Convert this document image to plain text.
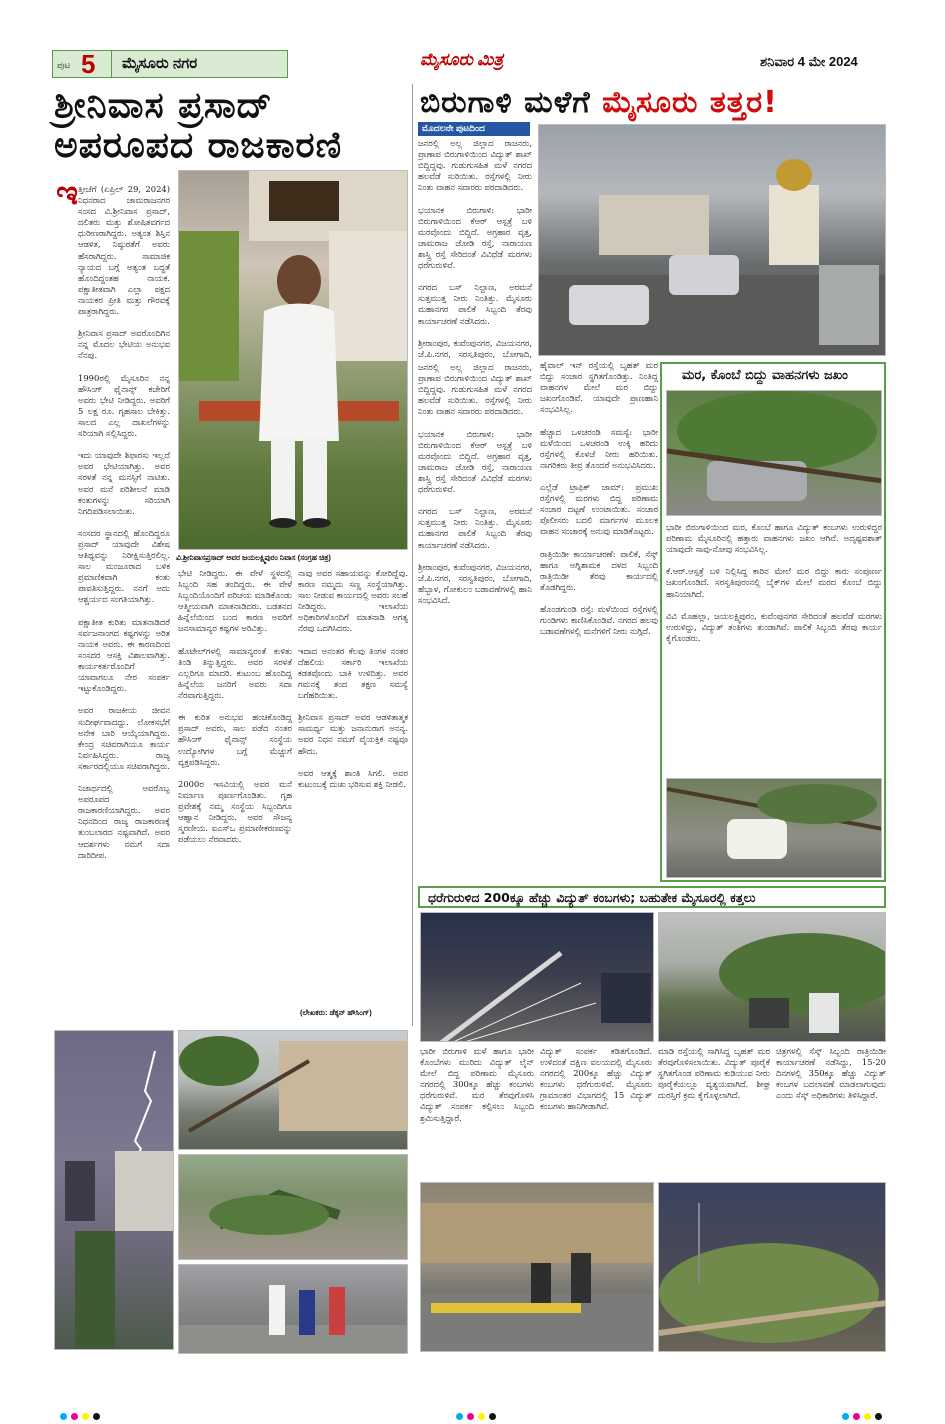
ಪುಟ 5 ಮೈಸೂರು ನಗರ	ಮೈಸೂರು ಮಿತ್ರ	ಶನಿವಾರ 4 ಮೇ 2024
ಶ್ರೀನಿವಾಸ ಪ್ರಸಾದ್
ಅಪರೂಪದ ರಾಜಕಾರಣಿ
ಇ ತ್ತೀಚೆಗೆ (ಏಪ್ರಿಲ್ 29, 2024) ನಿಧನರಾದ ಚಾಮರಾಜನಗರ ಸಂಸದ ವಿ.ಶ್ರೀನಿವಾಸ ಪ್ರಸಾದ್, ದಲಿತರು ಮತ್ತು ಶೋಷಿತವರ್ಗದ ಧುರೀಣರಾಗಿದ್ದರು. ಅತ್ಯಂತ ಶಿಸ್ತಿನ ಆಡಳಿತ, ನಿಷ್ಠುರತೆಗೆ ಅವರು ಹೆಸರಾಗಿದ್ದರು. ಸಾಮಾಜಿಕ ನ್ಯಾಯದ ಬಗ್ಗೆ ಅತ್ಯಂತ ಬದ್ಧತೆ ಹೊಂದಿದ್ದಂತಹ ನಾಯಕ. ಪಕ್ಷಾತೀತವಾಗಿ ಎಲ್ಲಾ ಪಕ್ಷದ ನಾಯಕರ ಪ್ರೀತಿ ಮತ್ತು ಗೌರವಕ್ಕೆ ಪಾತ್ರರಾಗಿದ್ದರು.

ಶ್ರೀನಿವಾಸ ಪ್ರಸಾದ್ ಅವರೊಂದಿಗಿನ ನನ್ನ ಮೊದಲ ಭೇಟಿಯ ಅನುಭವ ನೆನಪು.

1990ರಲ್ಲಿ ಮೈಸೂರಿನ ನನ್ನ ಹೌಸಿಂಗ್ ಫೈನಾನ್ಸ್ ಕಚೇರಿಗೆ ಅವರು ಭೇಟಿ ನೀಡಿದ್ದರು. ಅವರಿಗೆ 5 ಲಕ್ಷ ರೂ. ಗೃಹಸಾಲ ಬೇಕಿತ್ತು. ಸಾಲದ ಎಲ್ಲ ದಾಖಲೆಗಳನ್ನು ಸರಿಯಾಗಿ ಸಲ್ಲಿಸಿದ್ದರು.

ಇದು ಯಾವುದೇ ಶಿಫಾರಸು ಇಲ್ಲದೆ ಅವರ ಭೇಟಿಯಾಗಿತ್ತು. ಅವರ ಸರಳತೆ ನನ್ನ ಮನಸ್ಸಿಗೆ ನಾಟಿತು. ಅವರ ಮನೆ ಪರಿಶೀಲನೆ ಮಾಡಿ ಕಂತುಗಳನ್ನು ಸರಿಯಾಗಿ ನಿಗದಿಪಡಿಸಲಾಯಿತು.

ಸಂಸದರ ಸ್ಥಾನದಲ್ಲಿ ಹೊಂದಿದ್ದರೂ ಪ್ರಸಾದ್ ಯಾವುದೇ ವಿಶೇಷ ಆತಿಥ್ಯವನ್ನು ನಿರೀಕ್ಷಿಸುತ್ತಿರಲಿಲ್ಲ. ಸಾಲ ಮಂಜೂರಾದ ಬಳಿಕ ಪ್ರಮಾಣಿಕವಾಗಿ ಕಂತು ಪಾವತಿಸುತ್ತಿದ್ದರು. ನನಗೆ ಅದು ಆಶ್ಚರ್ಯದ ಸಂಗತಿಯಾಗಿತ್ತು.

ಪಕ್ಷಾತೀತ ಕುರಿತು ಮಾತನಾಡಿದರೆ ಸರ್ವಜನಾಂಗದ ಕಷ್ಟಗಳನ್ನು ಅರಿತ ನಾಯಕ ಅವರು. ಈ ಕಾರಣದಿಂದ ಸಂಸದರ ಆಸಕ್ತಿ ವಿಶಾಲವಾಗಿತ್ತು. ಕಾರ್ಯಕರ್ತರೊಂದಿಗೆ ಯಾವಾಗಲೂ ನೇರ ಸಂಪರ್ಕ ಇಟ್ಟುಕೊಂಡಿದ್ದರು.

ಅವರ ರಾಜಕೀಯ ಜೀವನ ಸುದೀರ್ಘವಾದದ್ದು. ಲೋಕಸಭೆಗೆ ಅನೇಕ ಬಾರಿ ಆಯ್ಕೆಯಾಗಿದ್ದರು. ಕೇಂದ್ರ ಸಚಿವರಾಗಿಯೂ ಕಾರ್ಯ ನಿರ್ವಹಿಸಿದ್ದರು. ರಾಜ್ಯ ಸರ್ಕಾರದಲ್ಲಿಯೂ ಸಚಿವರಾಗಿದ್ದರು.

ನಿಜಾರ್ಥದಲ್ಲಿ ಅವರೊಬ್ಬ ಅಪರೂಪದ ರಾಜಕಾರಣಿಯಾಗಿದ್ದರು. ಅವರ ನಿಧನದಿಂದ ರಾಜ್ಯ ರಾಜಕಾರಣಕ್ಕೆ ತುಂಬಲಾರದ ನಷ್ಟವಾಗಿದೆ. ಅವರ ಆದರ್ಶಗಳು ನಮಗೆ ಸದಾ ದಾರಿದೀಪ.
ವಿ.ಶ್ರೀನಿವಾಸಪ್ರಸಾದ್ ಅವರ ಜಯಲಕ್ಷ್ಮಿಪುರಂ ನಿವಾಸ (ಸಂಗ್ರಹ ಚಿತ್ರ)
ಭೇಟಿ ನೀಡಿದ್ದರು. ಈ ವೇಳೆ ಸ್ಥಳದಲ್ಲಿ ಸಿಬ್ಬಂದಿ ಸಹ ತಂದಿದ್ದರು. ಈ ವೇಳೆ ಸಿಬ್ಬಂದಿಯೊಂದಿಗೆ ಪರಿಚಯ ಮಾಡಿಕೊಂಡು ಆತ್ಮೀಯವಾಗಿ ಮಾತನಾಡಿದರು. ಬಡತನದ ಹಿನ್ನೆಲೆಯಿಂದ ಬಂದ ಕಾರಣ ಅವರಿಗೆ ಜನಸಾಮಾನ್ಯರ ಕಷ್ಟಗಳ ಅರಿವಿತ್ತು.

ಹೊಟೇಲ್‌ಗಳಲ್ಲಿ ಸಾಮಾನ್ಯರಂತೆ ಕುಳಿತು ತಿಂಡಿ ತಿನ್ನುತ್ತಿದ್ದರು. ಅವರ ಸರಳತೆ ಎಲ್ಲರಿಗೂ ಮಾದರಿ. ಕುಟುಂಬ ಹೊಂದಿದ್ದ ಹಿನ್ನೆಲೆಯ ಜನರಿಗೆ ಅವರು ಸದಾ ನೆರವಾಗುತ್ತಿದ್ದರು.

ಈ ಕುರಿತ ಅನುಭವ ಹಂಚಿಕೊಂಡಿದ್ದ ಪ್ರಸಾದ್ ಅವರು, ಸಾಲ ಪಡೆದ ನಂತರ ಹೌಸಿಂಗ್ ಫೈನಾನ್ಸ್ ಸಂಸ್ಥೆಯ ಉದ್ಯೋಗಿಗಳ ಬಗ್ಗೆ ಮೆಚ್ಚುಗೆ ವ್ಯಕ್ತಪಡಿಸಿದ್ದರು.

2000ರ ಇಸವಿಯಲ್ಲಿ ಅವರ ಮನೆ ನಿರ್ಮಾಣ ಪೂರ್ಣಗೊಂಡಿತು. ಗೃಹ ಪ್ರವೇಶಕ್ಕೆ ನಮ್ಮ ಸಂಸ್ಥೆಯ ಸಿಬ್ಬಂದಿಗೂ ಆಹ್ವಾನ ನೀಡಿದ್ದರು. ಅವರ ಸೌಜನ್ಯ ಸ್ಮರಣೀಯ. ಐಎಸ್ಒ ಪ್ರಮಾಣೀಕರಣವನ್ನು ಪಡೆಯಲು ನೆರವಾದರು.
ನಾವು ಅವರ ಸಹಾಯವನ್ನು ಕೋರಿದ್ದೆವು. ಕಾರಣ ನಮ್ಮದು ಸಣ್ಣ ಸಂಸ್ಥೆಯಾಗಿತ್ತು. ಸಾಲ ನೀಡುವ ಕಾರ್ಯದಲ್ಲಿ ಅವರು ಸಲಹೆ ನೀಡಿದ್ದರು. ಇಲಾಖೆಯ ಅಧಿಕಾರಿಗಳೊಂದಿಗೆ ಮಾತನಾಡಿ ಅಗತ್ಯ ನೆರವು ಒದಗಿಸಿದರು.

ಇದಾದ ಅನಂತರ ಕೆಲವು ತಿಂಗಳ ನಂತರ ದೆಹಲಿಯ ಸರ್ಕಾರಿ ಇಲಾಖೆಯ ಕಡತವೊಂದು ಬಾಕಿ ಉಳಿದಿತ್ತು. ಅವರ ಗಮನಕ್ಕೆ ತಂದ ತಕ್ಷಣ ಸಮಸ್ಯೆ ಬಗೆಹರಿಯಿತು.

ಶ್ರೀನಿವಾಸ ಪ್ರಸಾದ್ ಅವರ ಆಡಳಿತಾತ್ಮಕ ಸಾಮರ್ಥ್ಯ ಮತ್ತು ಜನಾನುರಾಗ ಅನನ್ಯ. ಅವರ ನಿಧನ ನಮಗೆ ವೈಯಕ್ತಿಕ ನಷ್ಟವೂ ಹೌದು.

ಅವರ ಆತ್ಮಕ್ಕೆ ಶಾಂತಿ ಸಿಗಲಿ. ಅವರ ಕುಟುಂಬಕ್ಕೆ ದುಃಖ ಭರಿಸುವ ಶಕ್ತಿ ನೀಡಲಿ.
(ಲೇಖಕರು: ಡೆಕ್ಕನ್ ಹೌಸಿಂಗ್)
ಬಿರುಗಾಳಿ ಮಳೆಗೆ ಮೈಸೂರು ತತ್ತರ!
ಮೊದಲನೇ ಪುಟದಿಂದ
ಜನರಲ್ಲಿ ಅಲ್ಲ ಜಿಲ್ಲಾದ ರಾಜನರು, ಪ್ರಾಣಾಪ ಬಿರುಗಾಳಿಯಿಂದ ವಿದ್ಯುತ್ ಶಾಖ್ ಬಿದ್ದಿದ್ದವು. ಗುಡುಗುಸಹಿತ ಮಳೆ ನಗರದ ಹಲವೆಡೆ ಸುರಿಯಿತು. ರಸ್ತೆಗಳಲ್ಲಿ ನೀರು ನಿಂತು ವಾಹನ ಸವಾರರು ಪರದಾಡಿದರು.

ಭಯಾನಕ ಬಿರುಗಾಳಿ: ಭಾರೀ ಬಿರುಗಾಳಿಯಿಂದ ಕೆಆರ್ ಆಸ್ಪತ್ರೆ ಬಳಿ ಮರವೊಂದು ಬಿದ್ದಿದೆ. ಅಗ್ರಹಾರ ವೃತ್ತ, ಚಾಮರಾಜ ಜೋಡಿ ರಸ್ತೆ, ನಾರಾಯಣ ಶಾಸ್ತ್ರಿ ರಸ್ತೆ ಸೇರಿದಂತೆ ವಿವಿಧೆಡೆ ಮರಗಳು ಧರೆಗುರುಳಿವೆ.

ನಗರದ ಬಸ್ ನಿಲ್ದಾಣ, ಅರಮನೆ ಸುತ್ತಮುತ್ತ ನೀರು ನಿಂತಿತ್ತು. ಮೈಸೂರು ಮಹಾನಗರ ಪಾಲಿಕೆ ಸಿಬ್ಬಂದಿ ತೆರವು ಕಾರ್ಯಾಚರಣೆ ನಡೆಸಿದರು.

ಶ್ರೀರಾಂಪುರ, ಕುವೆಂಪುನಗರ, ವಿಜಯನಗರ, ಜೆ.ಪಿ.ನಗರ, ಸರಸ್ವತಿಪುರಂ, ಬೋಗಾದಿ,
ಹೈವಾಲ್ ಇನ್ ರಸ್ತೆಯಲ್ಲಿ ಬೃಹತ್ ಮರ ಬಿದ್ದು ಸಂಚಾರ ಸ್ಥಗಿತಗೊಂಡಿತ್ತು. ನಿಂತಿದ್ದ ವಾಹನಗಳ ಮೇಲೆ ಮರ ಬಿದ್ದು ಜಖಂಗೊಂಡಿವೆ. ಯಾವುದೇ ಪ್ರಾಣಹಾನಿ ಸಂಭವಿಸಿಲ್ಲ.

ಹೆಚ್ಚಾದ ಒಳಚರಂಡಿ ಸಮಸ್ಯೆ: ಭಾರೀ ಮಳೆಯಿಂದ ಒಳಚರಂಡಿ ಉಕ್ಕಿ ಹರಿದು ರಸ್ತೆಗಳಲ್ಲಿ ಕೊಳಚೆ ನೀರು ಹರಿಯಿತು. ನಾಗರಿಕರು ತೀವ್ರ ತೊಂದರೆ ಅನುಭವಿಸಿದರು.

ಎಲ್ಲೆಡೆ ಟ್ರಾಫಿಕ್ ಜಾಮ್: ಪ್ರಮುಖ ರಸ್ತೆಗಳಲ್ಲಿ ಮರಗಳು ಬಿದ್ದ ಪರಿಣಾಮ ಸಂಚಾರ ದಟ್ಟಣೆ ಉಂಟಾಯಿತು. ಸಂಚಾರ ಪೊಲೀಸರು ಬದಲಿ ಮಾರ್ಗಗಳ ಮೂಲಕ ವಾಹನ ಸಂಚಾರಕ್ಕೆ ಅನುವು ಮಾಡಿಕೊಟ್ಟರು.

ರಾತ್ರಿಯಿಡೀ ಕಾರ್ಯಾಚರಣೆ: ಪಾಲಿಕೆ, ಸೆಸ್ಕ್ ಹಾಗೂ ಅಗ್ನಿಶಾಮಕ ದಳದ ಸಿಬ್ಬಂದಿ ರಾತ್ರಿಯಿಡೀ ತೆರವು ಕಾರ್ಯದಲ್ಲಿ ತೊಡಗಿದ್ದರು.

ಹೊಂಡಗುಂಡಿ ರಸ್ತೆ: ಮಳೆಯಿಂದ ರಸ್ತೆಗಳಲ್ಲಿ ಗುಂಡಿಗಳು ಕಾಣಿಸಿಕೊಂಡಿವೆ. ನಗರದ ಹಲವು ಬಡಾವಣೆಗಳಲ್ಲಿ ಮನೆಗಳಿಗೆ ನೀರು ನುಗ್ಗಿದೆ.
ಜನರಲ್ಲಿ ಅಲ್ಲ ಜಿಲ್ಲಾದ ರಾಜನರು, ಪ್ರಾಣಾಪ ಬಿರುಗಾಳಿಯಿಂದ ವಿದ್ಯುತ್ ಶಾಖ್ ಬಿದ್ದಿದ್ದವು. ಗುಡುಗುಸಹಿತ ಮಳೆ ನಗರದ ಹಲವೆಡೆ ಸುರಿಯಿತು. ರಸ್ತೆಗಳಲ್ಲಿ ನೀರು ನಿಂತು ವಾಹನ ಸವಾರರು ಪರದಾಡಿದರು.

ಭಯಾನಕ ಬಿರುಗಾಳಿ: ಭಾರೀ ಬಿರುಗಾಳಿಯಿಂದ ಕೆಆರ್ ಆಸ್ಪತ್ರೆ ಬಳಿ ಮರವೊಂದು ಬಿದ್ದಿದೆ. ಅಗ್ರಹಾರ ವೃತ್ತ, ಚಾಮರಾಜ ಜೋಡಿ ರಸ್ತೆ, ನಾರಾಯಣ ಶಾಸ್ತ್ರಿ ರಸ್ತೆ ಸೇರಿದಂತೆ ವಿವಿಧೆಡೆ ಮರಗಳು ಧರೆಗುರುಳಿವೆ.

ನಗರದ ಬಸ್ ನಿಲ್ದಾಣ, ಅರಮನೆ ಸುತ್ತಮುತ್ತ ನೀರು ನಿಂತಿತ್ತು. ಮೈಸೂರು ಮಹಾನಗರ ಪಾಲಿಕೆ ಸಿಬ್ಬಂದಿ ತೆರವು ಕಾರ್ಯಾಚರಣೆ ನಡೆಸಿದರು.

ಶ್ರೀರಾಂಪುರ, ಕುವೆಂಪುನಗರ, ವಿಜಯನಗರ, ಜೆ.ಪಿ.ನಗರ, ಸರಸ್ವತಿಪುರಂ, ಬೋಗಾದಿ, ಹೆಬ್ಬಾಳ, ಗೋಕುಲಂ ಬಡಾವಣೆಗಳಲ್ಲಿ ಹಾನಿ ಸಂಭವಿಸಿದೆ.
ಮರ, ಕೊಂಬೆ ಬಿದ್ದು ವಾಹನಗಳು ಜಖಂ
ಭಾರೀ ಬಿರುಗಾಳಿಯಿಂದ ಮರ, ಕೊಂಬೆ ಹಾಗೂ ವಿದ್ಯುತ್ ಕಂಬಗಳು ಉರುಳಿದ್ದರ ಪರಿಣಾಮ ಮೈಸೂರಿನಲ್ಲಿ ಹತ್ತಾರು ವಾಹನಗಳು ಜಖಂ ಆಗಿವೆ. ಅದೃಷ್ಟವಶಾತ್ ಯಾವುದೇ ಸಾವು-ನೋವು ಸಂಭವಿಸಿಲ್ಲ.

ಕೆ.ಆರ್.ಆಸ್ಪತ್ರೆ ಬಳಿ ನಿಲ್ಲಿಸಿದ್ದ ಕಾರಿನ ಮೇಲೆ ಮರ ಬಿದ್ದು ಕಾರು ಸಂಪೂರ್ಣ ಜಖಂಗೊಂಡಿದೆ. ಸರಸ್ವತಿಪುರಂನಲ್ಲಿ ಬೈಕ್‌ಗಳ ಮೇಲೆ ಮರದ ಕೊಂಬೆ ಬಿದ್ದು ಹಾನಿಯಾಗಿದೆ.

ವಿವಿ ಮೊಹಲ್ಲಾ, ಜಯಲಕ್ಷ್ಮಿಪುರಂ, ಕುವೆಂಪುನಗರ ಸೇರಿದಂತೆ ಹಲವೆಡೆ ಮರಗಳು ಉರುಳಿದ್ದು, ವಿದ್ಯುತ್ ತಂತಿಗಳು ತುಂಡಾಗಿವೆ. ಪಾಲಿಕೆ ಸಿಬ್ಬಂದಿ ತೆರವು ಕಾರ್ಯ ಕೈಗೊಂಡರು.
ಧರೆಗುರುಳಿದ 200ಕ್ಕೂ ಹೆಚ್ಚು ವಿದ್ಯುತ್ ಕಂಬಗಳು; ಬಹುತೇಕ ಮೈಸೂರಲ್ಲಿ ಕತ್ತಲು
ಭಾರೀ ಬಿರುಗಾಳಿ ಮಳೆ ಹಾಗೂ ಭಾರೀ ಕೊಂಬೆಗಳು ಮುರಿದು ವಿದ್ಯುತ್ ಲೈನ್ ಮೇಲೆ ಬಿದ್ದ ಪರಿಣಾಮ ಮೈಸೂರು ನಗರದಲ್ಲಿ 300ಕ್ಕೂ ಹೆಚ್ಚು ಕಂಬಗಳು ಧರೆಗುರುಳಿವೆ. ಮರ ತೆರವುಗೊಳಿಸಿ ವಿದ್ಯುತ್ ಸಂಪರ್ಕ ಕಲ್ಪಿಸಲು ಸಿಬ್ಬಂದಿ ಶ್ರಮಿಸುತ್ತಿದ್ದಾರೆ.
ವಿದ್ಯುತ್ ಸಂಪರ್ಕ ಕಡಿತಗೊಂಡಿದೆ. ಉಳಿದಂತೆ ದಕ್ಷಿಣ ವಲಯದಲ್ಲಿ ಮೈಸೂರು ನಗರದಲ್ಲಿ 200ಕ್ಕೂ ಹೆಚ್ಚು ವಿದ್ಯುತ್ ಕಂಬಗಳು ಧರೆಗುರುಳಿವೆ. ಮೈಸೂರು ಗ್ರಾಮಾಂತರ ವಿಭಾಗದಲ್ಲಿ 15 ವಿದ್ಯುತ್ ಕಂಬಗಳು ಹಾನಿಗೀಡಾಗಿವೆ.
ಮಾಡಿ ರಸ್ತೆಯಲ್ಲಿ ಸಾಗಿಸಿದ್ದ ಬೃಹತ್ ಮರ ತೆರವುಗೊಳಿಸಲಾಯಿತು. ವಿದ್ಯುತ್ ಪೂರೈಕೆ ಸ್ಥಗಿತಗೊಂಡ ಪರಿಣಾಮ ಕುಡಿಯುವ ನೀರು ಪೂರೈಕೆಯಲ್ಲೂ ವ್ಯತ್ಯಯವಾಗಿದೆ. ಶೀಘ್ರ ದುರಸ್ತಿಗೆ ಕ್ರಮ ಕೈಗೊಳ್ಳಲಾಗಿದೆ.
ಚಿತ್ರಗಳಲ್ಲಿ ಸೆಸ್ಕ್ ಸಿಬ್ಬಂದಿ ರಾತ್ರಿಯಿಡೀ ಕಾರ್ಯಾಚರಣೆ ನಡೆಸಿದ್ದು, 15-20 ದಿನಗಳಲ್ಲಿ 350ಕ್ಕೂ ಹೆಚ್ಚು ವಿದ್ಯುತ್ ಕಂಬಗಳ ಬದಲಾವಣೆ ಮಾಡಲಾಗುವುದು ಎಂದು ಸೆಸ್ಕ್ ಅಧಿಕಾರಿಗಳು ತಿಳಿಸಿದ್ದಾರೆ.
